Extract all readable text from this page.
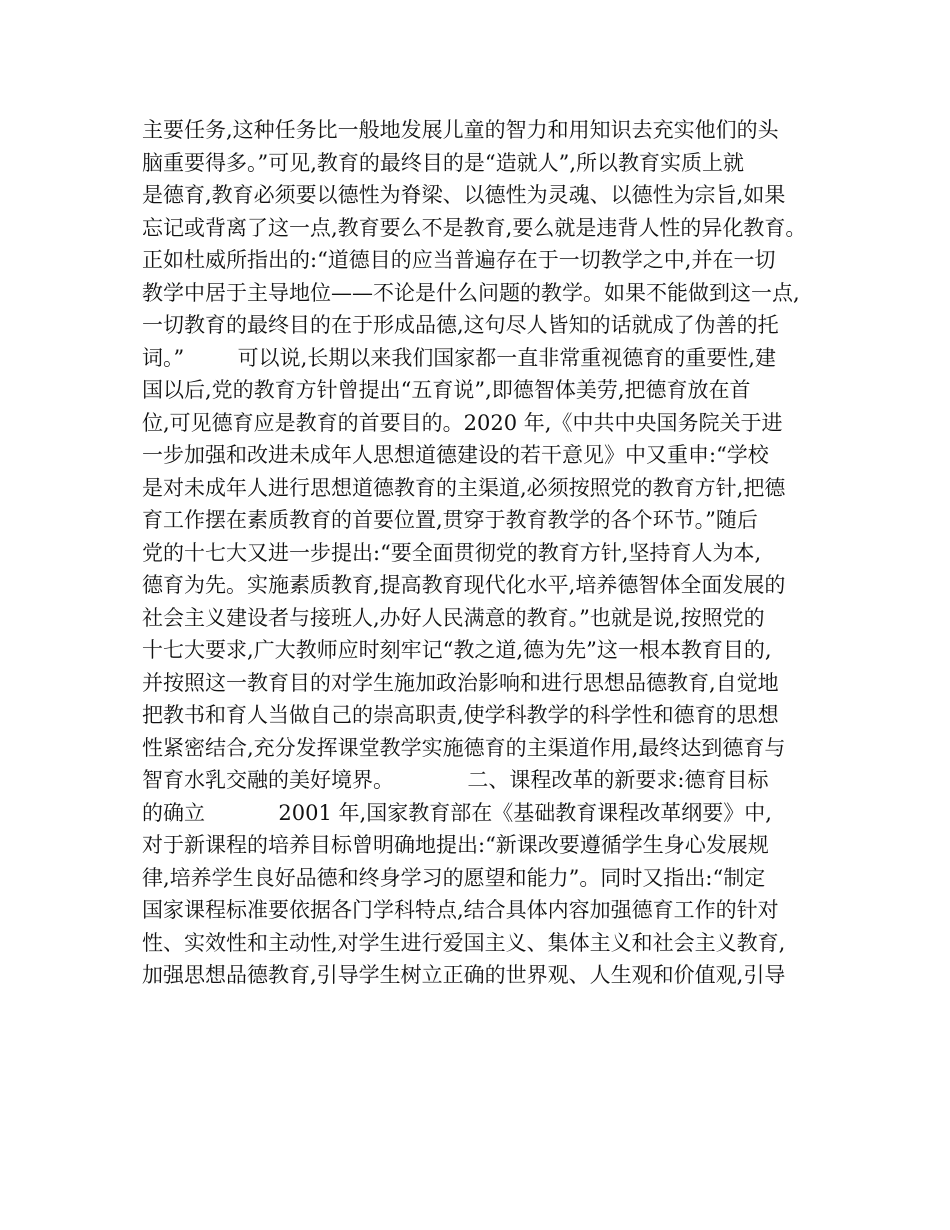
主要任务,这种任务比一般地发展儿童的智力和用知识去充实他们的头
脑重要得多。”可见,教育的最终目的是“造就人”,所以教育实质上就
是德育,教育必须要以德性为脊梁、以德性为灵魂、以德性为宗旨,如果
忘记或背离了这一点,教育要么不是教育,要么就是违背人性的异化教育。
正如杜威所指出的:“道德目的应当普遍存在于一切教学之中,并在一切
教学中居于主导地位——不论是什么问题的教学。如果不能做到这一点,
一切教育的最终目的在于形成品德,这句尽人皆知的话就成了伪善的托
词。”        可以说,长期以来我们国家都一直非常重视德育的重要性,建
国以后,党的教育方针曾提出“五育说”,即德智体美劳,把德育放在首
位,可见德育应是教育的首要目的。2020 年,《中共中央国务院关于进
一步加强和改进未成年人思想道德建设的若干意见》中又重申:“学校
是对未成年人进行思想道德教育的主渠道,必须按照党的教育方针,把德
育工作摆在素质教育的首要位置,贯穿于教育教学的各个环节。”随后
党的十七大又进一步提出:“要全面贯彻党的教育方针,坚持育人为本,
德育为先。实施素质教育,提高教育现代化水平,培养德智体全面发展的
社会主义建设者与接班人,办好人民满意的教育。”也就是说,按照党的
十七大要求,广大教师应时刻牢记“教之道,德为先”这一根本教育目的,
并按照这一教育目的对学生施加政治影响和进行思想品德教育,自觉地
把教书和育人当做自己的崇高职责,使学科教学的科学性和德育的思想
性紧密结合,充分发挥课堂教学实施德育的主渠道作用,最终达到德育与
智育水乳交融的美好境界。           二、课程改革的新要求:德育目标
的确立           2001 年,国家教育部在《基础教育课程改革纲要》中,
对于新课程的培养目标曾明确地提出:“新课改要遵循学生身心发展规
律,培养学生良好品德和终身学习的愿望和能力”。同时又指出:“制定
国家课程标准要依据各门学科特点,结合具体内容加强德育工作的针对
性、实效性和主动性,对学生进行爱国主义、集体主义和社会主义教育,
加强思想品德教育,引导学生树立正确的世界观、人生观和价值观,引导
